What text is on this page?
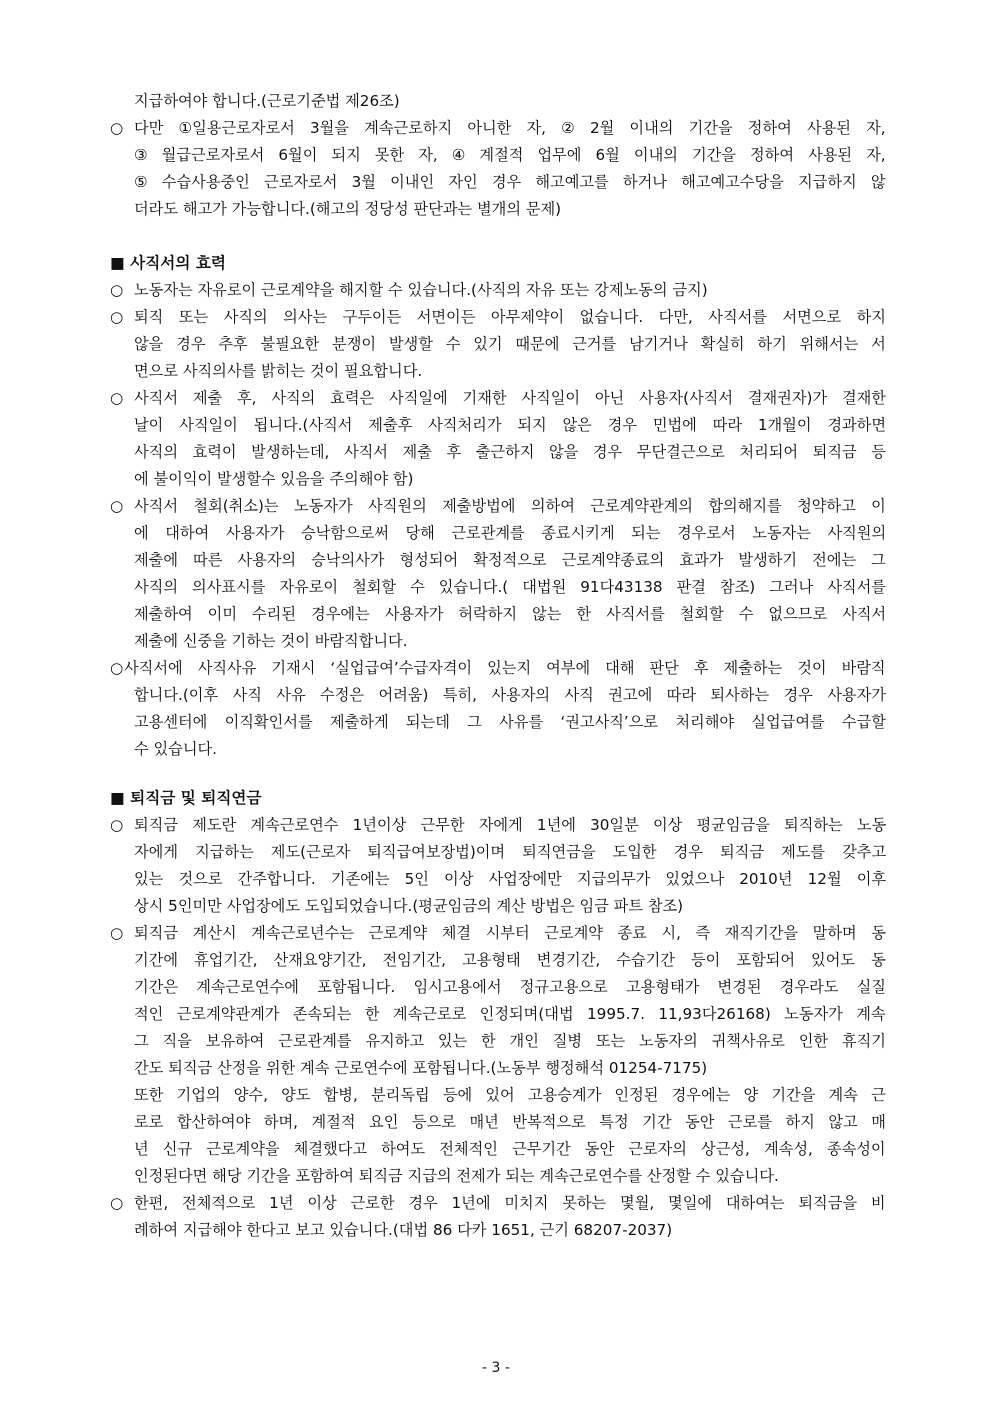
지급하여야 합니다.(근로기준법 제26조)
○ 다만 ①일용근로자로서 3월을 계속근로하지 아니한 자, ② 2월 이내의 기간을 정하여 사용된 자,
③ 월급근로자로서 6월이 되지 못한 자, ④ 계절적 업무에 6월 이내의 기간을 정하여 사용된 자,
⑤ 수습사용중인 근로자로서 3월 이내인 자인 경우 해고예고를 하거나 해고예고수당을 지급하지 않
더라도 해고가 가능합니다.(해고의 정당성 판단과는 별개의 문제)
■ 사직서의 효력
○ 노동자는 자유로이 근로계약을 해지할 수 있습니다.(사직의 자유 또는 강제노동의 금지)
○ 퇴직 또는 사직의 의사는 구두이든 서면이든 아무제약이 없습니다. 다만, 사직서를 서면으로 하지
않을 경우 추후 불필요한 분쟁이 발생할 수 있기 때문에 근거를 남기거나 확실히 하기 위해서는 서
면으로 사직의사를 밝히는 것이 필요합니다.
○ 사직서 제출 후, 사직의 효력은 사직일에 기재한 사직일이 아닌 사용자(사직서 결재권자)가 결재한
날이 사직일이 됩니다.(사직서 제출후 사직처리가 되지 않은 경우 민법에 따라 1개월이 경과하면
사직의 효력이 발생하는데, 사직서 제출 후 출근하지 않을 경우 무단결근으로 처리되어 퇴직금 등
에 불이익이 발생할수 있음을 주의해야 함)
○ 사직서 철회(취소)는 노동자가 사직원의 제출방법에 의하여 근로계약관계의 합의해지를 청약하고 이
에 대하여 사용자가 승낙함으로써 당해 근로관계를 종료시키게 되는 경우로서 노동자는 사직원의
제출에 따른 사용자의 승낙의사가 형성되어 확정적으로 근로계약종료의 효과가 발생하기 전에는 그
사직의 의사표시를 자유로이 철회할 수 있습니다.( 대법원 91다43138 판결 참조) 그러나 사직서를
제출하여 이미 수리된 경우에는 사용자가 허락하지 않는 한 사직서를 철회할 수 없으므로 사직서
제출에 신중을 기하는 것이 바람직합니다.
○ 사직서에 사직사유 기재시 ‘실업급여’수급자격이 있는지 여부에 대해 판단 후 제출하는 것이 바람직
합니다.(이후 사직 사유 수정은 어려움) 특히, 사용자의 사직 권고에 따라 퇴사하는 경우 사용자가
고용센터에 이직확인서를 제출하게 되는데 그 사유를 ‘권고사직’으로 처리해야 실업급여를 수급할
수 있습니다.
■ 퇴직금 및 퇴직연금
○ 퇴직금 제도란 계속근로연수 1년이상 근무한 자에게 1년에 30일분 이상 평균임금을 퇴직하는 노동
자에게 지급하는 제도(근로자 퇴직급여보장법)이며 퇴직연금을 도입한 경우 퇴직금 제도를 갖추고
있는 것으로 간주합니다. 기존에는 5인 이상 사업장에만 지급의무가 있었으나 2010년 12월 이후
상시 5인미만 사업장에도 도입되었습니다.(평균임금의 계산 방법은 임금 파트 참조)
○ 퇴직금 계산시 계속근로년수는 근로계약 체결 시부터 근로계약 종료 시, 즉 재직기간을 말하며 동
기간에 휴업기간, 산재요양기간, 전임기간, 고용형태 변경기간, 수습기간 등이 포함되어 있어도 동
기간은 계속근로연수에 포함됩니다. 임시고용에서 정규고용으로 고용형태가 변경된 경우라도 실질
적인 근로계약관계가 존속되는 한 계속근로로 인정되며(대법 1995.7. 11,93다26168) 노동자가 계속
그 직을 보유하여 근로관계를 유지하고 있는 한 개인 질병 또는 노동자의 귀책사유로 인한 휴직기
간도 퇴직금 산정을 위한 계속 근로연수에 포함됩니다.(노동부 행정해석 01254-7175)
또한 기업의 양수, 양도 합병, 분리독립 등에 있어 고용승계가 인정된 경우에는 양 기간을 계속 근
로로 합산하여야 하며, 계절적 요인 등으로 매년 반복적으로 특정 기간 동안 근로를 하지 않고 매
년 신규 근로계약을 체결했다고 하여도 전체적인 근무기간 동안 근로자의 상근성, 계속성, 종속성이
인정된다면 해당 기간을 포함하여 퇴직금 지급의 전제가 되는 계속근로연수를 산정할 수 있습니다.
○ 한편, 전체적으로 1년 이상 근로한 경우 1년에 미치지 못하는 몇월, 몇일에 대하여는 퇴직금을 비
례하여 지급해야 한다고 보고 있습니다.(대법 86 다카 1651, 근기 68207-2037)
- 3 -
